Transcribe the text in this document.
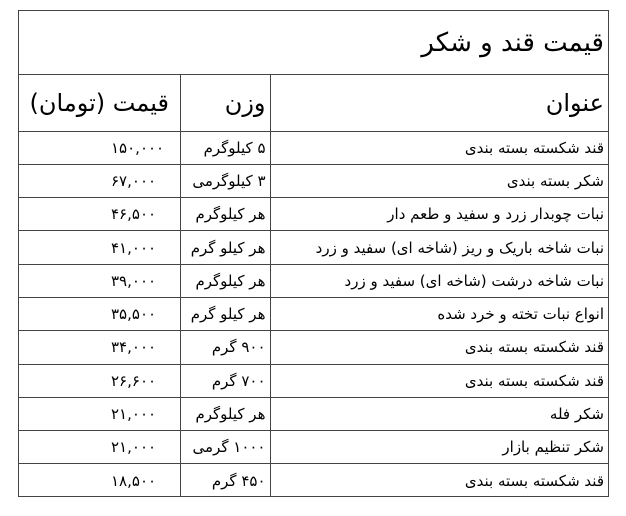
قیمت قند و شکر
عنوان	وزن	قیمت (تومان)
قند شکسته بسته بندی	۵ کیلوگرم	۱۵۰,۰۰۰
شکر بسته بندی	۳ کیلوگرمی	۶۷,۰۰۰
نبات چوبدار زرد و سفید و طعم دار	هر کیلوگرم	۴۶,۵۰۰
نبات شاخه باریک و ریز (شاخه ای) سفید و زرد	هر کیلو گرم	۴۱,۰۰۰
نبات شاخه درشت (شاخه ای) سفید و زرد	هر کیلوگرم	۳۹,۰۰۰
انواع نبات تخته و خرد شده	هر کیلو گرم	۳۵,۵۰۰
قند شکسته بسته بندی	۹۰۰ گرم	۳۴,۰۰۰
قند شکسته بسته بندی	۷۰۰ گرم	۲۶,۶۰۰
شکر فله	هر کیلوگرم	۲۱,۰۰۰
شکر تنظیم بازار	۱۰۰۰ گرمی	۲۱,۰۰۰
قند شکسته بسته بندی	۴۵۰ گرم	۱۸,۵۰۰
